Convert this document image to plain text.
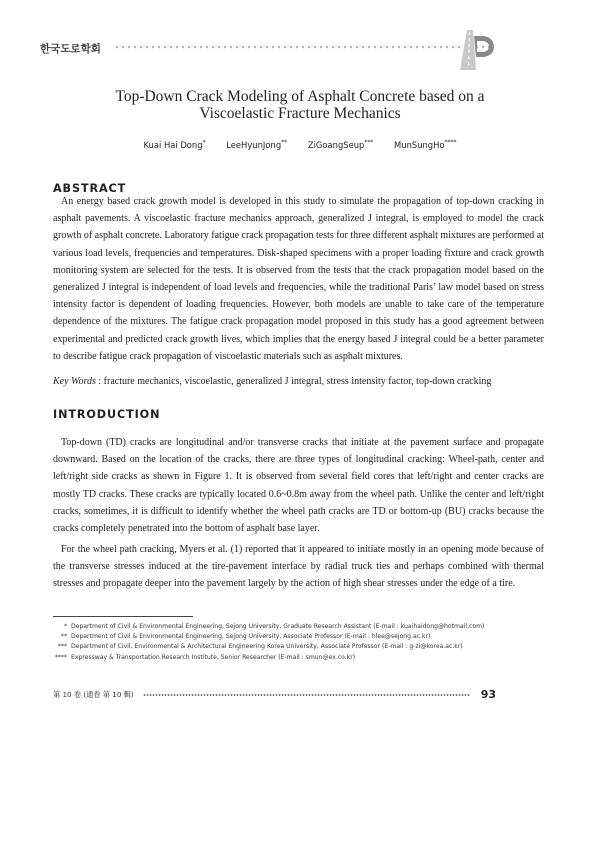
한국도로학회
Top-Down Crack Modeling of Asphalt Concrete based on a
Viscoelastic Fracture Mechanics
Kuai Hai Dong* LeeHyunJong** ZiGoangSeup*** MunSungHo****
ABSTRACT
An energy based crack growth model is developed in this study to simulate the propagation of top-down cracking in asphalt pavements. A viscoelastic fracture mechanics approach, generalized J integral, is employed to model the crack growth of asphalt concrete. Laboratory fatigue crack propagation tests for three different asphalt mixtures are performed at various load levels, frequencies and temperatures. Disk-shaped specimens with a proper loading fixture and crack growth monitoring system are selected for the tests. It is observed from the tests that the crack propagation model based on the generalized J integral is independent of load levels and frequencies, while the traditional Paris’ law model based on stress intensity factor is dependent of loading frequencies. However, both models are unable to take care of the temperature dependence of the mixtures. The fatigue crack propagation model proposed in this study has a good agreement between experimental and predicted crack growth lives, which implies that the energy based J integral could be a better parameter to describe fatigue crack propagation of viscoelastic materials such as asphalt mixtures.
Key Words : fracture mechanics, viscoelastic, generalized J integral, stress intensity factor, top-down cracking
INTRODUCTION
Top-down (TD) cracks are longitudinal and/or transverse cracks that initiate at the pavement surface and propagate downward. Based on the location of the cracks, there are three types of longitudinal cracking: Wheel-path, center and left/right side cracks as shown in Figure 1. It is observed from several field cores that left/right and center cracks are mostly TD cracks. These cracks are typically located 0.6~0.8m away from the wheel path. Unlike the center and left/right cracks, sometimes, it is difficult to identify whether the wheel path cracks are TD or bottom-up (BU) cracks because the cracks completely penetrated into the bottom of asphalt base layer.
For the wheel path cracking, Myers et al. (1) reported that it appeared to initiate mostly in an opening mode because of the transverse stresses induced at the tire-pavement interface by radial truck ties and perhaps combined with thermal stresses and propagate deeper into the pavement largely by the action of high shear stresses under the edge of a tire.
* Department of Civil & Environmental Engineering, Sejong University, Graduate Research Assistant (E-mail : kuaihaidong@hotmail.com)
** Department of Civil & Environmental Engineering, Sejong University, Associate Professor (E-mail : hlee@sejong.ac.kr)
*** Department of Civil, Environmental & Architectural Engineering Korea University, Associate Professor (E-mail : g-zi@korea.ac.kr)
**** Expressway & Transportation Research Institute, Senior Researcher (E-mail : smun@ex.co.kr)
第 10 卷 (通卷 第 10 輯)	93
